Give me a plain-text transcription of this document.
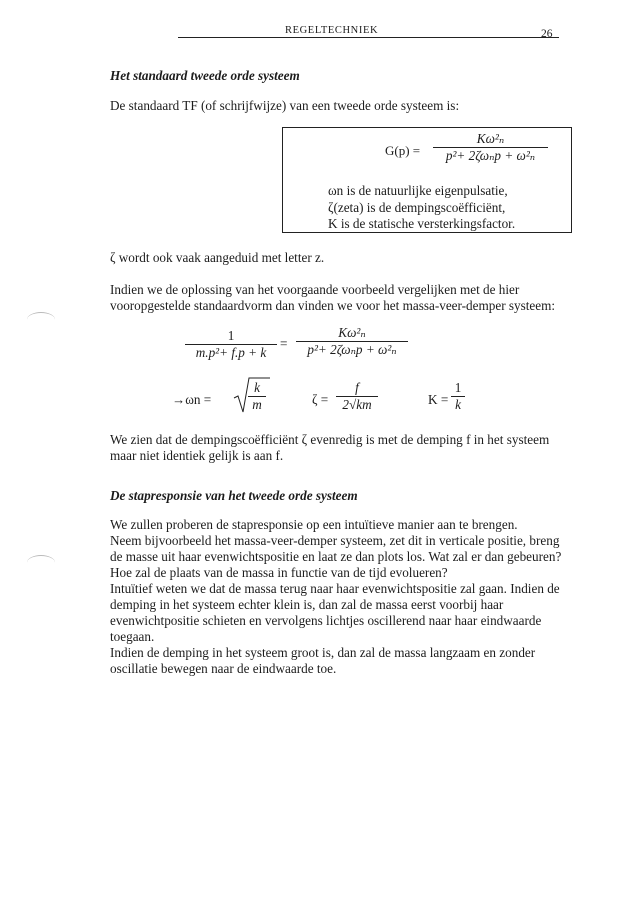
REGELTECHNIEK	26
Het standaard tweede orde systeem
De standaard TF (of schrijfwijze) van een tweede orde systeem is:
G(p) =
Kω²ₙ
p²+ 2ζωₙp + ω²ₙ
ωn is de natuurlijke eigenpulsatie,
ζ(zeta) is de dempingscoëfficiënt,
K is de statische versterkingsfactor.
ζ wordt ook vaak aangeduid met letter z.
Indien we de oplossing van het voorgaande voorbeeld vergelijken met de hier
vooropgestelde standaardvorm dan vinden we voor het massa-veer-demper systeem:
1
m.p²+ f.p + k
=
Kω²ₙ
p²+ 2ζωₙp + ω²ₙ
→ωn =
k
m	ζ =
f
2√km	K =
1
k
We zien dat de dempingscoëfficiënt ζ evenredig is met de demping f in het systeem
maar niet identiek gelijk is aan f.
De stapresponsie van het tweede orde systeem
We zullen proberen de stapresponsie op een intuïtieve manier aan te brengen.
Neem bijvoorbeeld het massa-veer-demper systeem, zet dit in verticale positie, breng
de masse uit haar evenwichtspositie en laat ze dan plots los. Wat zal er dan gebeuren?
Hoe zal de plaats van de massa in functie van de tijd evolueren?
Intuïtief weten we dat de massa terug naar haar evenwichtspositie zal gaan. Indien de
demping in het systeem echter klein is, dan zal de massa eerst voorbij haar
evenwichtpositie schieten en vervolgens lichtjes oscillerend naar haar eindwaarde
toegaan.
Indien de demping in het systeem groot is, dan zal de massa langzaam en zonder
oscillatie bewegen naar de eindwaarde toe.
